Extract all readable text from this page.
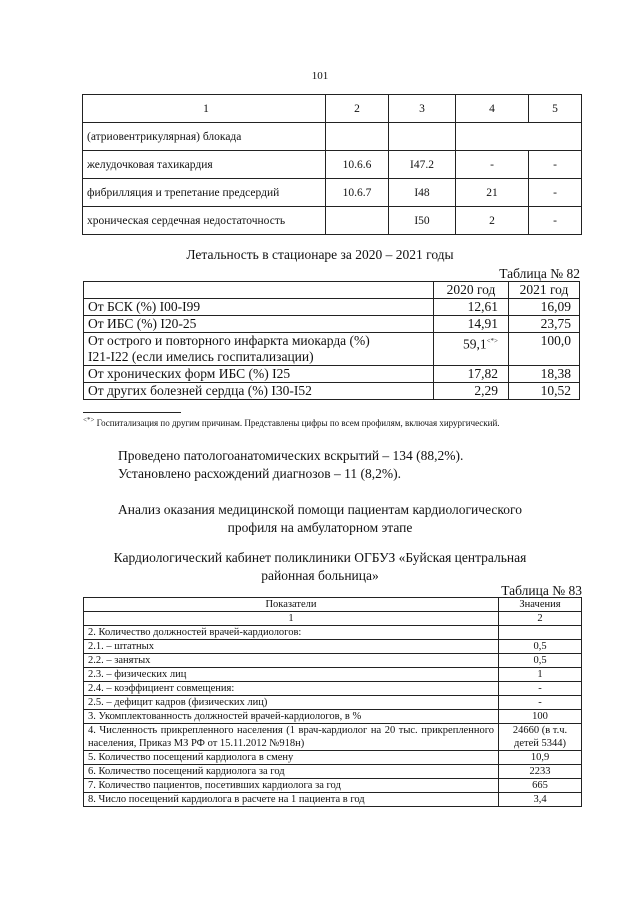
101
1	2	3	4	5
(атриовентрикулярная) блокада				
желудочковая тахикардия	10.6.6	I47.2	-	-
фибрилляция и трепетание предсердий	10.6.7	I48	21	-
хроническая сердечная недостаточность		I50	2	-
Летальность в стационаре за 2020 – 2021 годы
Таблица № 82
	2020 год	2021 год
От БСК (%) I00-I99	12,61	16,09
От ИБС (%) I20-25	14,91	23,75

От острого и повторного инфаркта миокарда (%)
I21-I22 (если имелись госпитализации)	59,1<*>	100,0
От хронических форм ИБС (%) I25	17,82	18,38
От других болезней сердца (%) I30-I52	2,29	10,52
<*> Госпитализация по другим причинам. Представлены цифры по всем профилям, включая хирургический.
Проведено патологоанатомических вскрытий – 134 (88,2%).
Установлено расхождений диагнозов – 11 (8,2%).
Анализ оказания медицинской помощи пациентам кардиологического
профиля на амбулаторном этапе
Кардиологический кабинет поликлиники ОГБУЗ «Буйская центральная
районная больница»
Таблица № 83
Показатели	Значения
1	2
2. Количество должностей врачей-кардиологов:	
2.1. – штатных	0,5
2.2. – занятых	0,5
2.3. – физических лиц	1
2.4. – коэффициент совмещения:	-
2.5. – дефицит кадров (физических лиц)	-
3. Укомплектованность должностей врачей-кардиологов, в %	100
4. Численность прикрепленного населения (1 врач-кардиолог на 20 тыс. прикрепленного населения, Приказ МЗ РФ от 15.11.2012 №918н)	24660 (в т.ч. детей 5344)
5. Количество посещений кардиолога в смену	10,9
6. Количество посещений кардиолога за год	2233
7. Количество пациентов, посетивших кардиолога за год	665
8. Число посещений кардиолога в расчете на 1 пациента в год	3,4
